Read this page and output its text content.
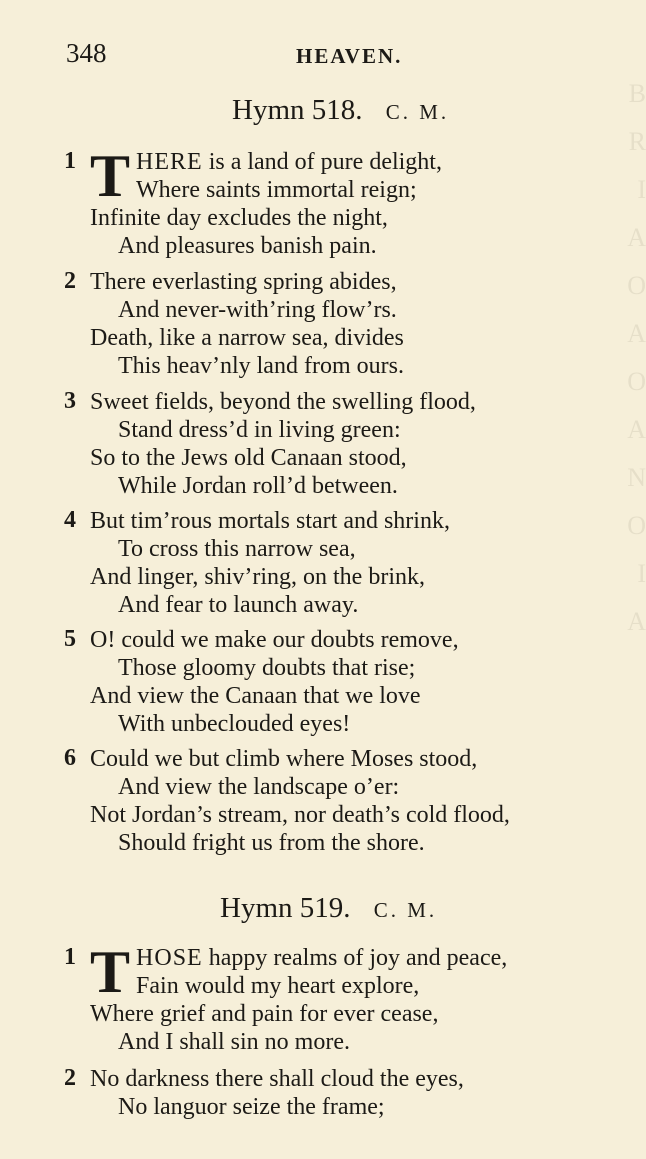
B
R
I
A
O
A
O
A
N
O
I
A
348	HEAVEN.
Hymn 518. C. M.
1 T HERE is a land of pure delight,
Where saints immortal reign;
Infinite day excludes the night,
And pleasures banish pain.
2 There everlasting spring abides,
And never-with’ring flow’rs.
Death, like a narrow sea, divides
This heav’nly land from ours.
3 Sweet fields, beyond the swelling flood,
Stand dress’d in living green:
So to the Jews old Canaan stood,
While Jordan roll’d between.
4 But tim’rous mortals start and shrink,
To cross this narrow sea,
And linger, shiv’ring, on the brink,
And fear to launch away.
5 O! could we make our doubts remove,
Those gloomy doubts that rise;
And view the Canaan that we love
With unbeclouded eyes!
6 Could we but climb where Moses stood,
And view the landscape o’er:
Not Jordan’s stream, nor death’s cold flood,
Should fright us from the shore.
Hymn 519. C. M.
1 T HOSE happy realms of joy and peace,
Fain would my heart explore,
Where grief and pain for ever cease,
And I shall sin no more.
2 No darkness there shall cloud the eyes,
No languor seize the frame;
